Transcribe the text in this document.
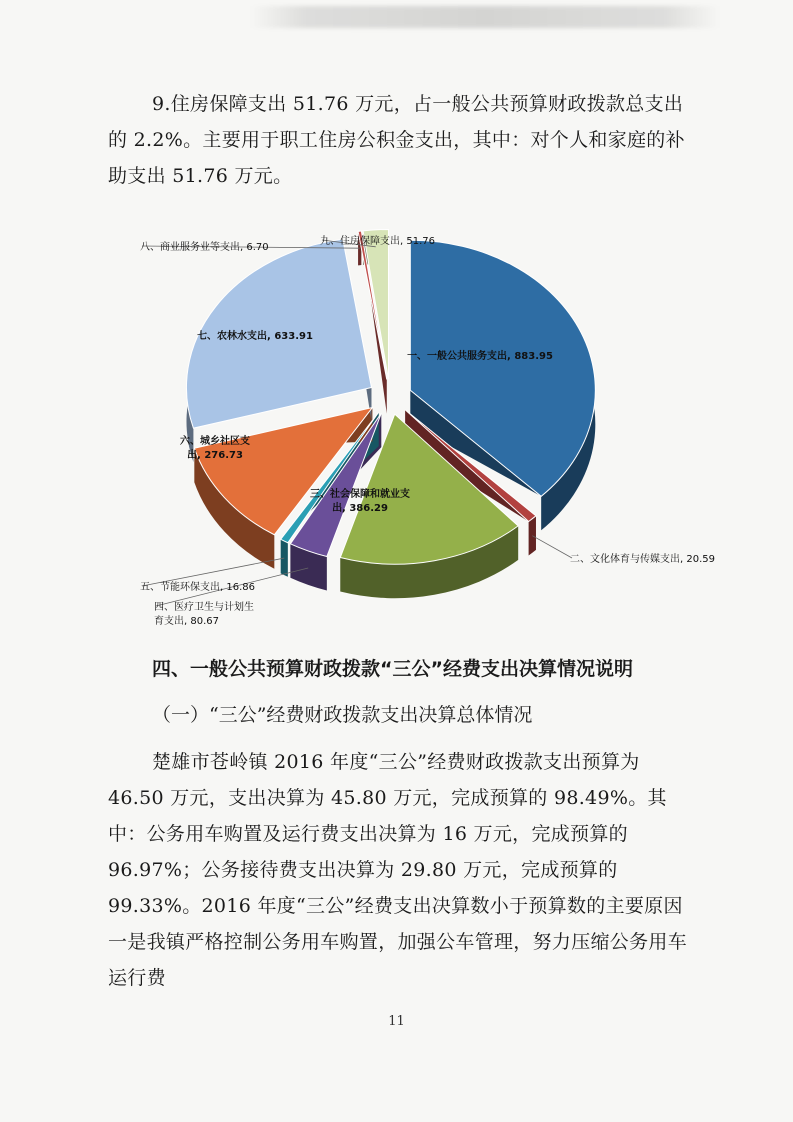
9.住房保障支出 51.76 万元，占一般公共预算财政拨款总支出的 2.2%。主要用于职工住房公积金支出，其中：对个人和家庭的补助支出 51.76 万元。

一、一般公共服务支出, 883.95
二、文化体育与传媒支出, 20.59
三、社会保障和就业支
出, 386.29
四、医疗卫生与计划生
育支出, 80.67
五、节能环保支出, 16.86
六、城乡社区支
出, 276.73
七、农林水支出, 633.91
八、商业服务业等支出, 6.70
九、住房保障支出, 51.76
四、一般公共预算财政拨款“三公”经费支出决算情况说明

（一）“三公”经费财政拨款支出决算总体情况

楚雄市苍岭镇 2016 年度“三公”经费财政拨款支出预算为 46.50 万元，支出决算为 45.80 万元，完成预算的 98.49%。其中：公务用车购置及运行费支出决算为 16 万元，完成预算的 96.97%；公务接待费支出决算为 29.80 万元，完成预算的 99.33%。2016 年度“三公”经费支出决算数小于预算数的主要原因一是我镇严格控制公务用车购置，加强公车管理，努力压缩公务用车运行费

11
